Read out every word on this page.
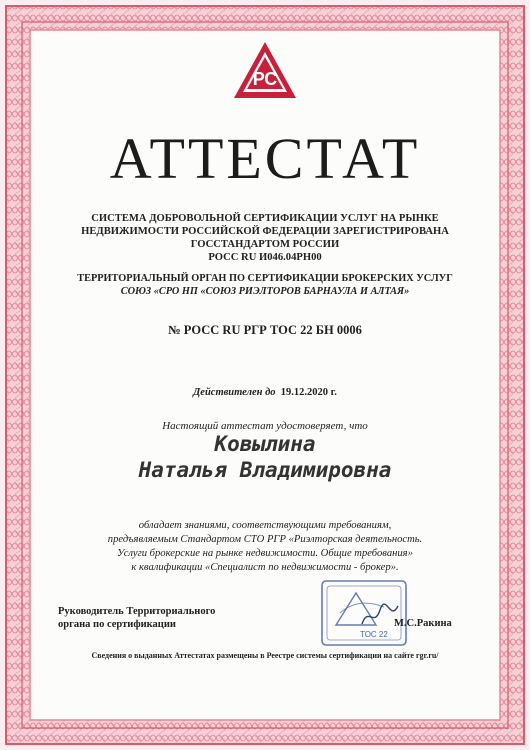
РС
АТТЕСТАТ
СИСТЕМА ДОБРОВОЛЬНОЙ СЕРТИФИКАЦИИ УСЛУГ НА РЫНКЕ
НЕДВИЖИМОСТИ РОССИЙСКОЙ ФЕДЕРАЦИИ ЗАРЕГИСТРИРОВАНА
ГОССТАНДАРТОМ РОССИИ
РОСС RU И046.04РН00
ТЕРРИТОРИАЛЬНЫЙ ОРГАН ПО СЕРТИФИКАЦИИ БРОКЕРСКИХ УСЛУГ
СОЮЗ «СРО НП «СОЮЗ РИЭЛТОРОВ БАРНАУЛА И АЛТАЯ»
№ РОСС RU РГР ТОС 22 БН 0006
Действителен до 19.12.2020 г.
Настоящий аттестат удостоверяет, что
Ковылина
Наталья Владимировна
обладает знаниями, соответствующими требованиям,
предъявляемым Стандартом СТО РГР «Риэлторская деятельность.
Услуги брокерские на рынке недвижимости. Общие требования»
к квалификации «Специалист по недвижимости - брокер».
Руководитель Территориального
органа по сертификации
ТОС 22
М.С.Ракина
Сведения о выданных Аттестатах размещены в Реестре системы сертификации на сайте rgr.ru/
